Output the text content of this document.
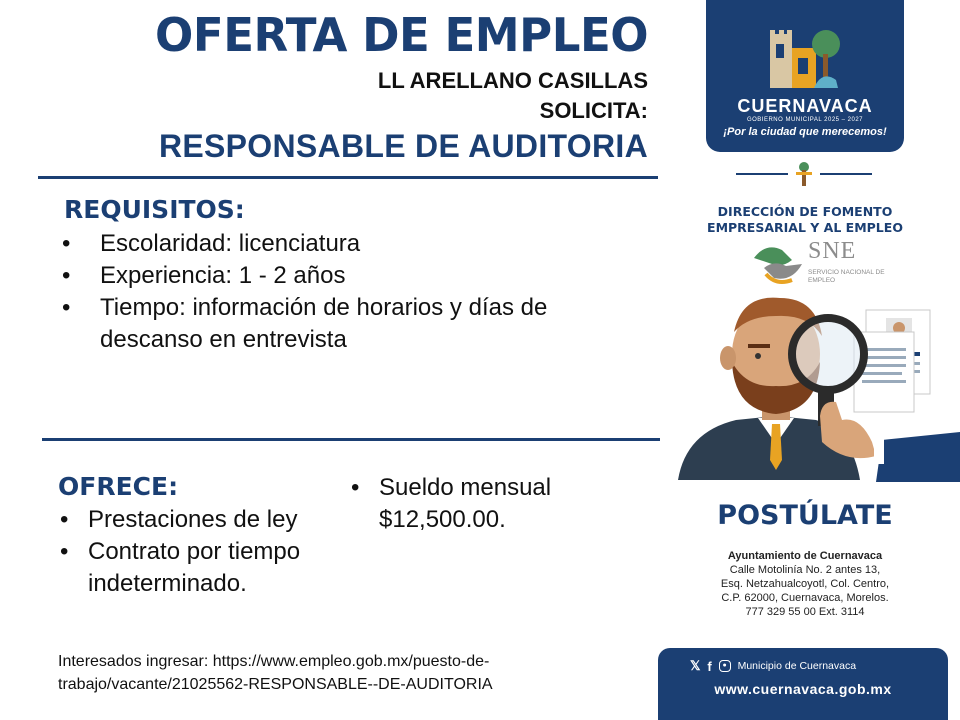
OFERTA DE EMPLEO
LL ARELLANO CASILLAS
SOLICITA:
RESPONSABLE DE AUDITORIA
REQUISITOS:
• Escolaridad: licenciatura
• Experiencia: 1 - 2 años
• Tiempo: información de horarios y días de descanso en entrevista
OFRECE:
• Prestaciones de ley
• Contrato por tiempo indeterminado.
• Sueldo mensual $12,500.00.
Interesados ingresar: https://www.empleo.gob.mx/puesto-de-trabajo/vacante/21025562-RESPONSABLE--DE-AUDITORIA
CUERNAVACA
GOBIERNO MUNICIPAL 2025 – 2027
¡Por la ciudad que merecemos!
DIRECCIÓN DE FOMENTO EMPRESARIAL Y AL EMPLEO
SNE
SERVICIO NACIONAL DE EMPLEO
POSTÚLATE
Ayuntamiento de Cuernavaca
Calle Motolinía No. 2 antes 13,
Esq. Netzahualcoyotl, Col. Centro,
C.P. 62000, Cuernavaca, Morelos.
777 329 55 00 Ext. 3114
𝕏 f ● Municipio de Cuernavaca
www.cuernavaca.gob.mx
